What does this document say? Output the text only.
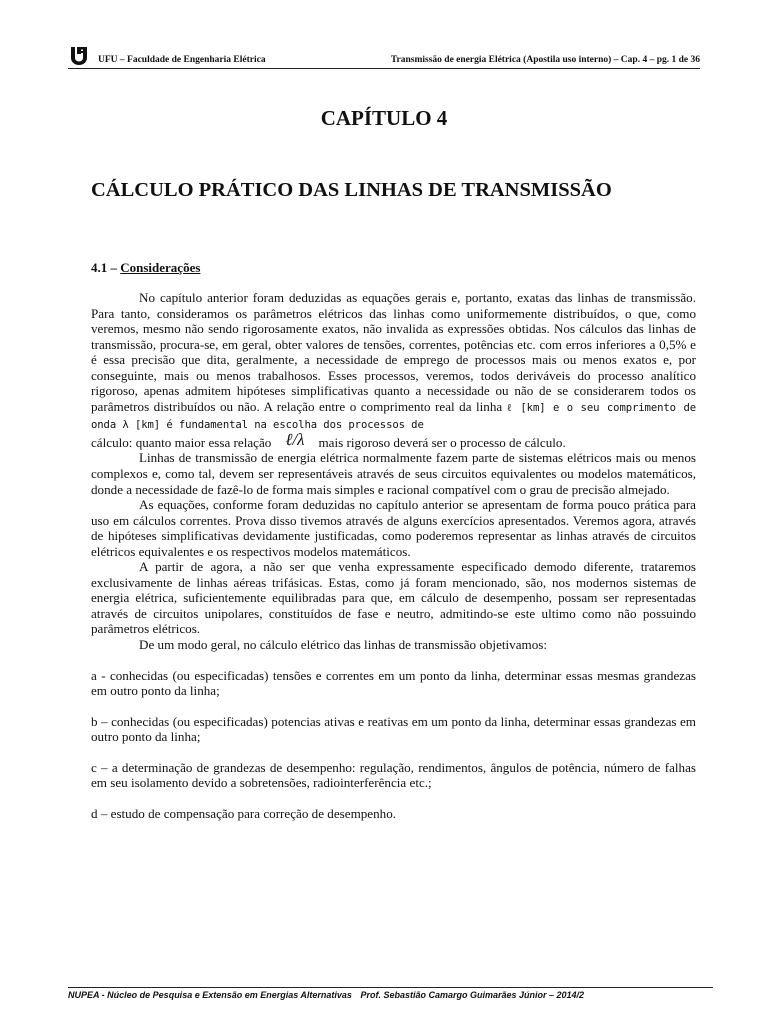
UFU – Faculdade de Engenharia Elétrica	Transmissão de energia Elétrica (Apostila uso interno) – Cap. 4 – pg. 1 de 36
CAPÍTULO 4
CÁLCULO PRÁTICO DAS LINHAS DE TRANSMISSÃO
4.1 – Considerações

No capítulo anterior foram deduzidas as equações gerais e, portanto, exatas das linhas de transmissão. Para tanto, consideramos os parâmetros elétricos das linhas como uniformemente distribuídos, o que, como veremos, mesmo não sendo rigorosamente exatos, não invalida as expressões obtidas. Nos cálculos das linhas de transmissão, procura-se, em geral, obter valores de tensões, correntes, potências etc. com erros inferiores a 0,5% e é essa precisão que dita, geralmente, a necessidade de emprego de processos mais ou menos exatos e, por conseguinte, mais ou menos trabalhosos. Esses processos, veremos, todos deriváveis do processo analítico rigoroso, apenas admitem hipóteses simplificativas quanto a necessidade ou não de se considerarem todos os parâmetros distribuídos ou não. A relação entre o comprimento real da linha ℓ [km] e o seu comprimento de onda λ [km] é fundamental na escolha dos processos de
cálculo: quanto maior essa relação ℓ/λ mais rigoroso deverá ser o processo de cálculo.

Linhas de transmissão de energia elétrica normalmente fazem parte de sistemas elétricos mais ou menos complexos e, como tal, devem ser representáveis através de seus circuitos equivalentes ou modelos matemáticos, donde a necessidade de fazê-lo de forma mais simples e racional compatível com o grau de precisão almejado.

As equações, conforme foram deduzidas no capítulo anterior se apresentam de forma pouco prática para uso em cálculos correntes. Prova disso tivemos através de alguns exercícios apresentados. Veremos agora, através de hipóteses simplificativas devidamente justificadas, como poderemos representar as linhas através de circuitos elétricos equivalentes e os respectivos modelos matemáticos.

A partir de agora, a não ser que venha expressamente especificado demodo diferente, trataremos exclusivamente de linhas aéreas trifásicas. Estas, como já foram mencionado, são, nos modernos sistemas de energia elétrica, suficientemente equilibradas para que, em cálculo de desempenho, possam ser representadas através de circuitos unipolares, constituídos de fase e neutro, admitindo-se este ultimo como não possuindo parâmetros elétricos.

De um modo geral, no cálculo elétrico das linhas de transmissão objetivamos:

a - conhecidas (ou especificadas) tensões e correntes em um ponto da linha, determinar essas mesmas grandezas em outro ponto da linha;

b – conhecidas (ou especificadas) potencias ativas e reativas em um ponto da linha, determinar essas grandezas em outro ponto da linha;

c – a determinação de grandezas de desempenho: regulação, rendimentos, ângulos de potência, número de falhas em seu isolamento devido a sobretensões, radiointerferência etc.;

d – estudo de compensação para correção de desempenho.

NUPEA - Núcleo de Pesquisa e Extensão em Energias Alternativas Prof. Sebastião Camargo Guimarães Júnior – 2014/2
